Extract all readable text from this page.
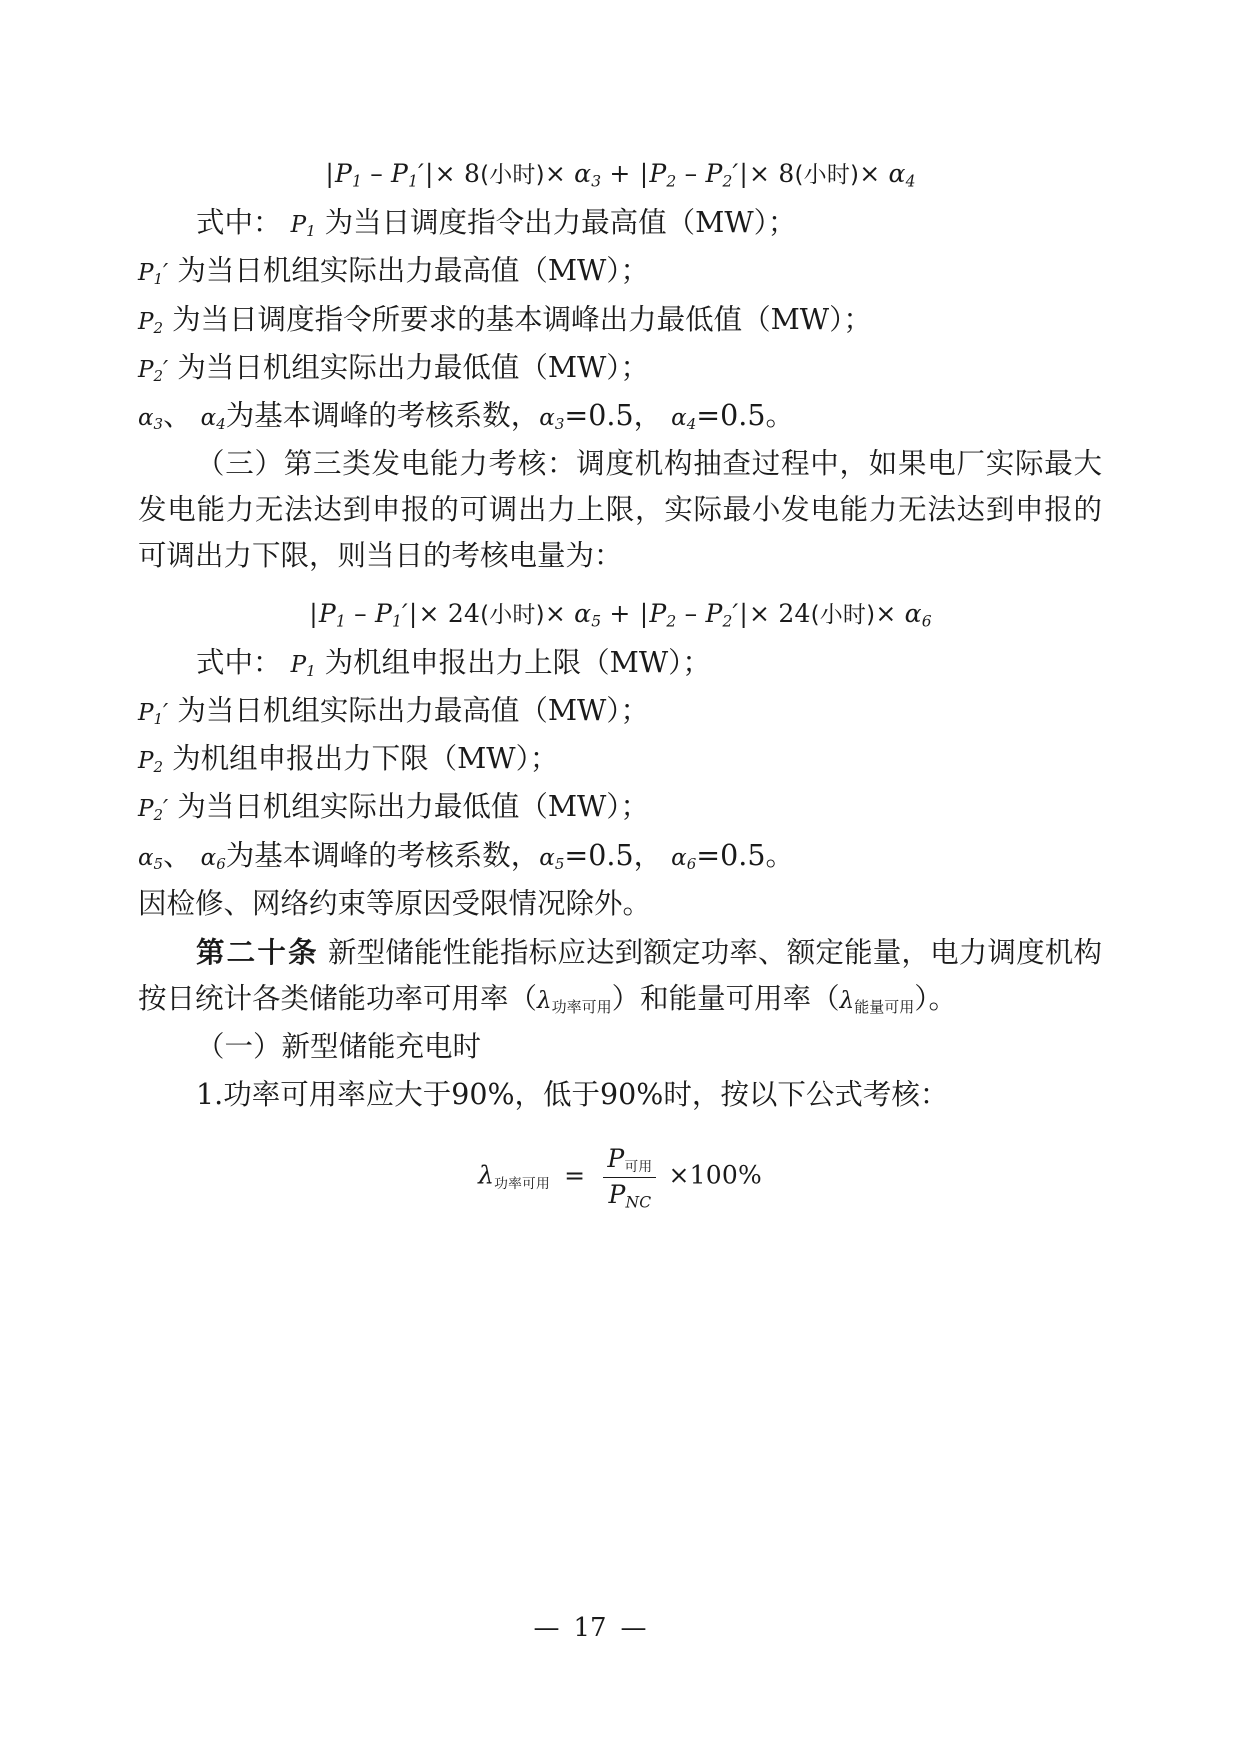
$|P_1 - P_1'|\times 8$(小时)× $\alpha_3 + |P_2 - P_2'|\times 8$(小时)× $\alpha_4$

式中： P1 为当日调度指令出力最高值（MW）；

P1′ 为当日机组实际出力最高值（MW）；

P2 为当日调度指令所要求的基本调峰出力最低值（MW）；

P2′ 为当日机组实际出力最低值（MW）；

α3、 α4为基本调峰的考核系数，α3=0.5， α4=0.5。

（三）第三类发电能力考核：调度机构抽查过程中，如果电厂实际最大发电能力无法达到申报的可调出力上限，实际最小发电能力无法达到申报的可调出力下限，则当日的考核电量为：

$|P_1 - P_1'|\times 24$(小时)× $\alpha_5 + |P_2 - P_2'|\times 24$(小时)× $\alpha_6$

式中： P1 为机组申报出力上限（MW）；

P1′ 为当日机组实际出力最高值（MW）；

P2 为机组申报出力下限（MW）；

P2′ 为当日机组实际出力最低值（MW）；

α5、 α6为基本调峰的考核系数，α5=0.5， α6=0.5。

因检修、网络约束等原因受限情况除外。

第二十条 新型储能性能指标应达到额定功率、额定能量，电力调度机构按日统计各类储能功率可用率（λ功率可用）和能量可用率（λ能量可用）。

（一）新型储能充电时

1.功率可用率应大于90%，低于90%时，按以下公式考核：

$\lambda_{功率可用} = \frac{P_{可用}}{P_{NC}} \times 100\%$
— 17 —
